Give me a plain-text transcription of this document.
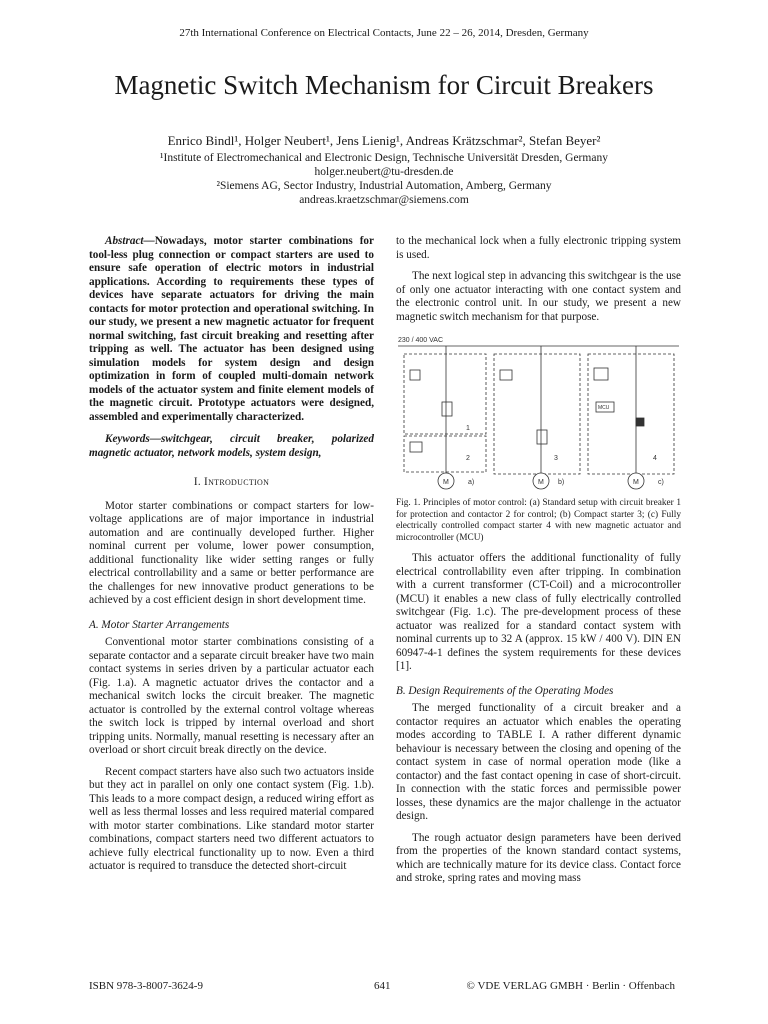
27th International Conference on Electrical Contacts, June 22 – 26, 2014, Dresden, Germany
Magnetic Switch Mechanism for Circuit Breakers
Enrico Bindl¹, Holger Neubert¹, Jens Lienig¹, Andreas Krätzschmar², Stefan Beyer²
¹Institute of Electromechanical and Electronic Design, Technische Universität Dresden, Germany
holger.neubert@tu-dresden.de
²Siemens AG, Sector Industry, Industrial Automation, Amberg, Germany
andreas.kraetzschmar@siemens.com

Abstract—Nowadays, motor starter combinations for tool-less plug connection or compact starters are used to ensure safe operation of electric motors in industrial applications. According to requirements these types of devices have separate actuators for driving the main contacts for motor protection and operational switching. In our study, we present a new magnetic actuator for frequent normal switching, fast circuit breaking and resetting after tripping as well. The actuator has been designed using simulation models for system design and design optimization in form of coupled multi-domain network models of the actuator system and finite element models of the magnetic circuit. Prototype actuators were designed, assembled and experimentally characterized.

Keywords—switchgear, circuit breaker, polarized magnetic actuator, network models, system design,

I. Introduction

Motor starter combinations or compact starters for low-voltage applications are of major importance in industrial automation and are continually developed further. Higher nominal current per volume, lower power consumption, additional functionality like wider setting ranges or fully electrical controllability and a same or better performance are the challenges for new innovative product generations to be achieved by a cost efficient design in short development time.

A. Motor Starter Arrangements

Conventional motor starter combinations consisting of a separate contactor and a separate circuit breaker have two main contact systems in series driven by a particular actuator each (Fig. 1.a). A magnetic actuator drives the contactor and a mechanical switch locks the circuit breaker. The magnetic actuator is controlled by the external control voltage whereas the switch lock is tripped by internal overload and short tripping units. Normally, manual resetting is necessary after an overload or short circuit break directly on the device.

Recent compact starters have also such two actuators inside but they act in parallel on only one contact system (Fig. 1.b). This leads to a more compact design, a reduced wiring effort as well as less thermal losses and less required material compared with motor starter combinations. Like standard motor starter combinations, compact starters need two different actuators to achieve fully electrical functionality up to now. Even a third actuator is required to transduce the detected short-circuit

to the mechanical lock when a fully electronic tripping system is used.

The next logical step in advancing this switchgear is the use of only one actuator interacting with one contact system and the electronic control unit. In our study, we present a new magnetic switch mechanism for that purpose.

230 / 400 VAC
1
2	3	4
MCU
M	M	M
a)	b)	c)

Fig. 1. Principles of motor control: (a) Standard setup with circuit breaker 1 for protection and contactor 2 for control; (b) Compact starter 3; (c) Fully electrically controlled compact starter 4 with new magnetic actuator and microcontroller (MCU)

This actuator offers the additional functionality of fully electrical controllability even after tripping. In combination with a current transformer (CT-Coil) and a microcontroller (MCU) it enables a new class of fully electrically controlled switchgear (Fig. 1.c). The pre-development process of these actuator was realized for a standard contact system with nominal currents up to 32 A (approx. 15 kW / 400 V). DIN EN 60947-4-1 defines the system requirements for these devices [1].

B. Design Requirements of the Operating Modes

The merged functionality of a circuit breaker and a contactor requires an actuator which enables the operating modes according to TABLE I. A rather different dynamic behaviour is necessary between the closing and opening of the contact system in case of normal operation mode (like a contactor) and the fast contact opening in case of short-circuit. In connection with the static forces and permissible power losses, these dynamics are the major challenge in the actuator design.

The rough actuator design parameters have been derived from the properties of the known standard contact systems, which are technically mature for its device class. Contact force and stroke, spring rates and moving mass

ISBN 978-3-8007-3624-9	641	© VDE VERLAG GMBH · Berlin · Offenbach
